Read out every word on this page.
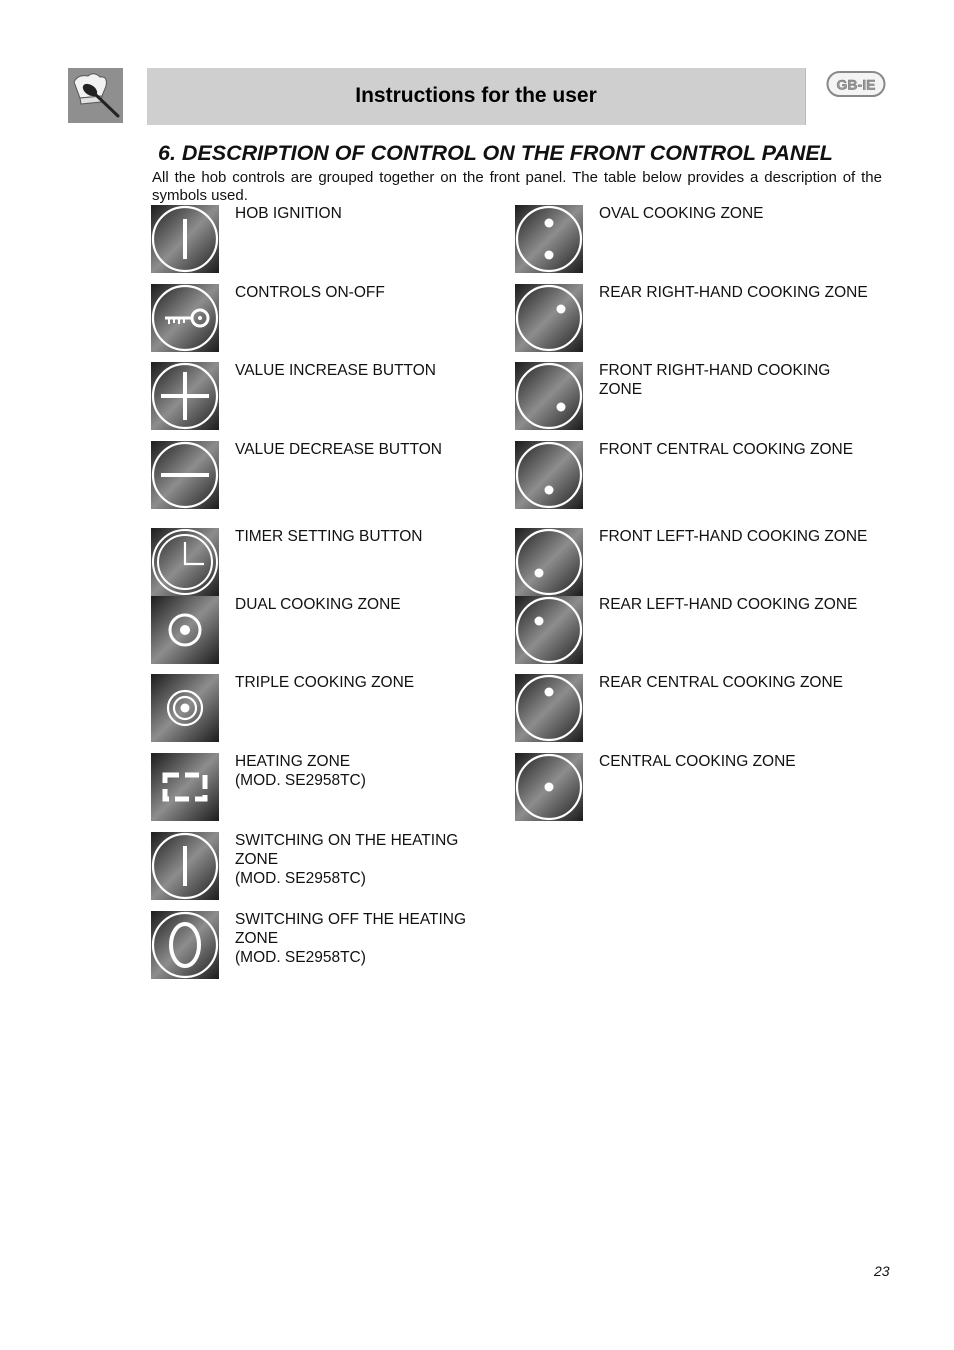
Instructions for the user	GB-IE
6. DESCRIPTION OF CONTROL ON THE FRONT CONTROL PANEL
All the hob controls are grouped together on the front panel. The table below provides a description of the symbols used.
HOB IGNITION
CONTROLS ON-OFF
VALUE INCREASE BUTTON
VALUE DECREASE BUTTON
TIMER SETTING BUTTON
DUAL COOKING ZONE
TRIPLE COOKING ZONE
HEATING ZONE
(MOD. SE2958TC)
SWITCHING ON THE HEATING
ZONE
(MOD. SE2958TC)
SWITCHING OFF THE HEATING
ZONE
(MOD. SE2958TC)
OVAL COOKING ZONE
REAR RIGHT-HAND COOKING ZONE
FRONT RIGHT-HAND COOKING
ZONE
FRONT CENTRAL COOKING ZONE
FRONT LEFT-HAND COOKING ZONE
REAR LEFT-HAND COOKING ZONE
REAR CENTRAL COOKING ZONE
CENTRAL COOKING ZONE
23
